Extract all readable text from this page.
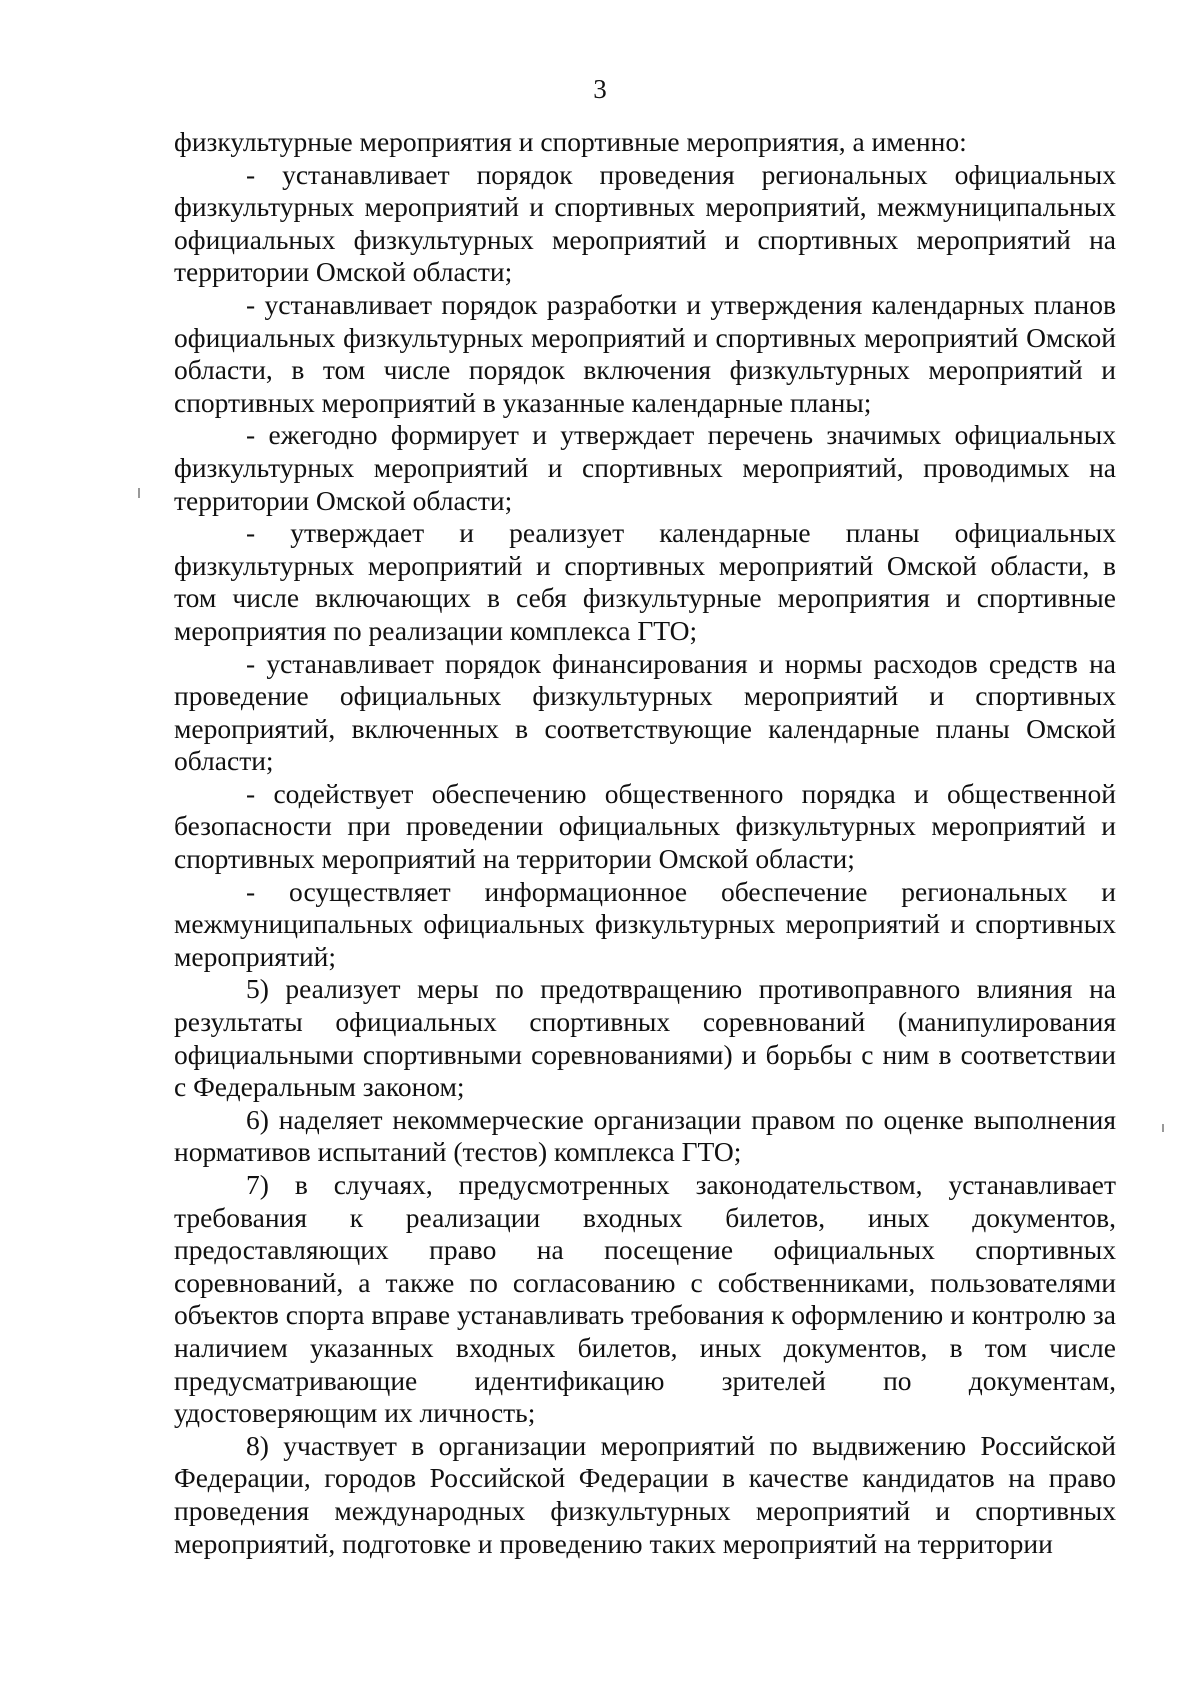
3

физкультурные мероприятия и спортивные мероприятия, а именно:

- устанавливает порядок проведения региональных официальных физкультурных мероприятий и спортивных мероприятий, межмуниципальных официальных физкультурных мероприятий и спортивных мероприятий на территории Омской области;

- устанавливает порядок разработки и утверждения календарных планов официальных физкультурных мероприятий и спортивных мероприятий Омской области, в том числе порядок включения физкультурных мероприятий и спортивных мероприятий в указанные календарные планы;

- ежегодно формирует и утверждает перечень значимых официальных физкультурных мероприятий и спортивных мероприятий, проводимых на территории Омской области;

- утверждает и реализует календарные планы официальных физкультурных мероприятий и спортивных мероприятий Омской области, в том числе включающих в себя физкультурные мероприятия и спортивные мероприятия по реализации комплекса ГТО;

- устанавливает порядок финансирования и нормы расходов средств на проведение официальных физкультурных мероприятий и спортивных мероприятий, включенных в соответствующие календарные планы Омской области;

- содействует обеспечению общественного порядка и общественной безопасности при проведении официальных физкультурных мероприятий и спортивных мероприятий на территории Омской области;

- осуществляет информационное обеспечение региональных и межмуниципальных официальных физкультурных мероприятий и спортивных мероприятий;

5) реализует меры по предотвращению противоправного влияния на результаты официальных спортивных соревнований (манипулирования официальными спортивными соревнованиями) и борьбы с ним в соответствии с Федеральным законом;

6) наделяет некоммерческие организации правом по оценке выполнения нормативов испытаний (тестов) комплекса ГТО;

7) в случаях, предусмотренных законодательством, устанавливает требования к реализации входных билетов, иных документов, предоставляющих право на посещение официальных спортивных соревнований, а также по согласованию с собственниками, пользователями объектов спорта вправе устанавливать требования к оформлению и контролю за наличием указанных входных билетов, иных документов, в том числе предусматривающие идентификацию зрителей по документам, удостоверяющим их личность;

8) участвует в организации мероприятий по выдвижению Российской Федерации, городов Российской Федерации в качестве кандидатов на право проведения международных физкультурных мероприятий и спортивных мероприятий, подготовке и проведению таких мероприятий на территории
